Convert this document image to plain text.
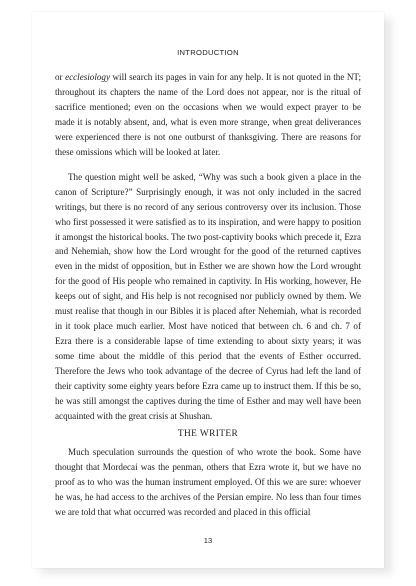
INTRODUCTION

or ecclesiology will search its pages in vain for any help. It is not quoted in the NT; throughout its chapters the name of the Lord does not appear, nor is the ritual of sacrifice mentioned; even on the occasions when we would expect prayer to be made it is notably absent, and, what is even more strange, when great deliverances were experienced there is not one outburst of thanksgiving. There are reasons for these omissions which will be looked at later.

The question might well be asked, “Why was such a book given a place in the canon of Scripture?” Surprisingly enough, it was not only included in the sacred writings, but there is no record of any serious controversy over its inclusion. Those who first possessed it were satisfied as to its inspiration, and were happy to position it amongst the historical books. The two post-captivity books which precede it, Ezra and Nehemiah, show how the Lord wrought for the good of the returned captives even in the midst of opposition, but in Esther we are shown how the Lord wrought for the good of His people who remained in captivity. In His working, however, He keeps out of sight, and His help is not recognised nor publicly owned by them. We must realise that though in our Bibles it is placed after Nehemiah, what is recorded in it took place much earlier. Most have noticed that between ch. 6 and ch. 7 of Ezra there is a considerable lapse of time extending to about sixty years; it was some time about the middle of this period that the events of Esther occurred. Therefore the Jews who took advantage of the decree of Cyrus had left the land of their captivity some eighty years before Ezra came up to instruct them. If this be so, he was still amongst the captives during the time of Esther and may well have been acquainted with the great crisis at Shushan.

THE WRITER

Much speculation surrounds the question of who wrote the book. Some have thought that Mordecai was the penman, others that Ezra wrote it, but we have no proof as to who was the human instrument employed. Of this we are sure: whoever he was, he had access to the archives of the Persian empire. No less than four times we are told that what occurred was recorded and placed in this official

13
